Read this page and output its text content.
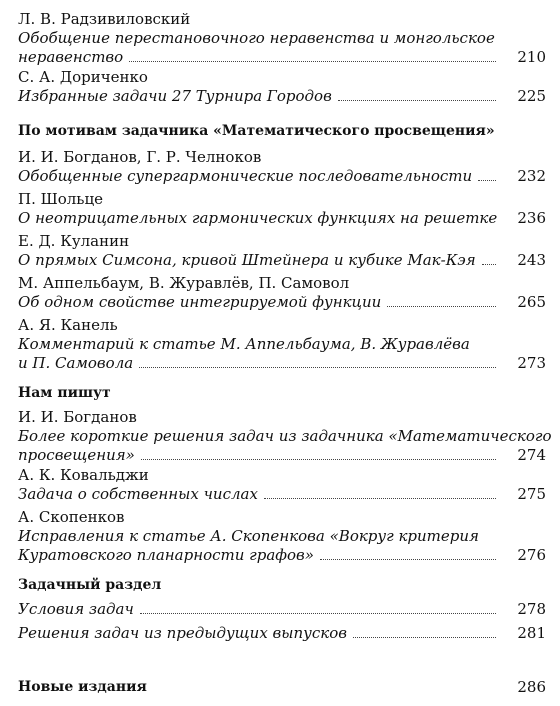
Л. В. Радзивиловский
Обобщение перестановочного неравенства и монгольское
неравенство	210
С. А. Дориченко
Избранные задачи 27 Турнира Городов	225
По мотивам задачника «Математического просвещения»
И. И. Богданов, Г. Р. Челноков
Обобщенные супергармонические последовательности	232
П. Шольце
О неотрицательных гармонических функциях на решетке 236
Е. Д. Куланин
О прямых Симсона, кривой Штейнера и кубике Мак-Кэя	243
М. Аппельбаум, В. Журавлёв, П. Самовол
Об одном свойстве интегрируемой функции	265
А. Я. Канель
Комментарий к статье М. Аппельбаума, В. Журавлёва
и П. Самовола	273
Нам пишут
И. И. Богданов
Более короткие решения задач из задачника «Математического
просвещения»	274
А. К. Ковальджи
Задача о собственных числах	275
А. Скопенков
Исправления к статье А. Скопенкова «Вокруг критерия
Куратовского планарности графов»	276
Задачный раздел
Условия задач	278
Решения задач из предыдущих выпусков	281
Новые издания	286
